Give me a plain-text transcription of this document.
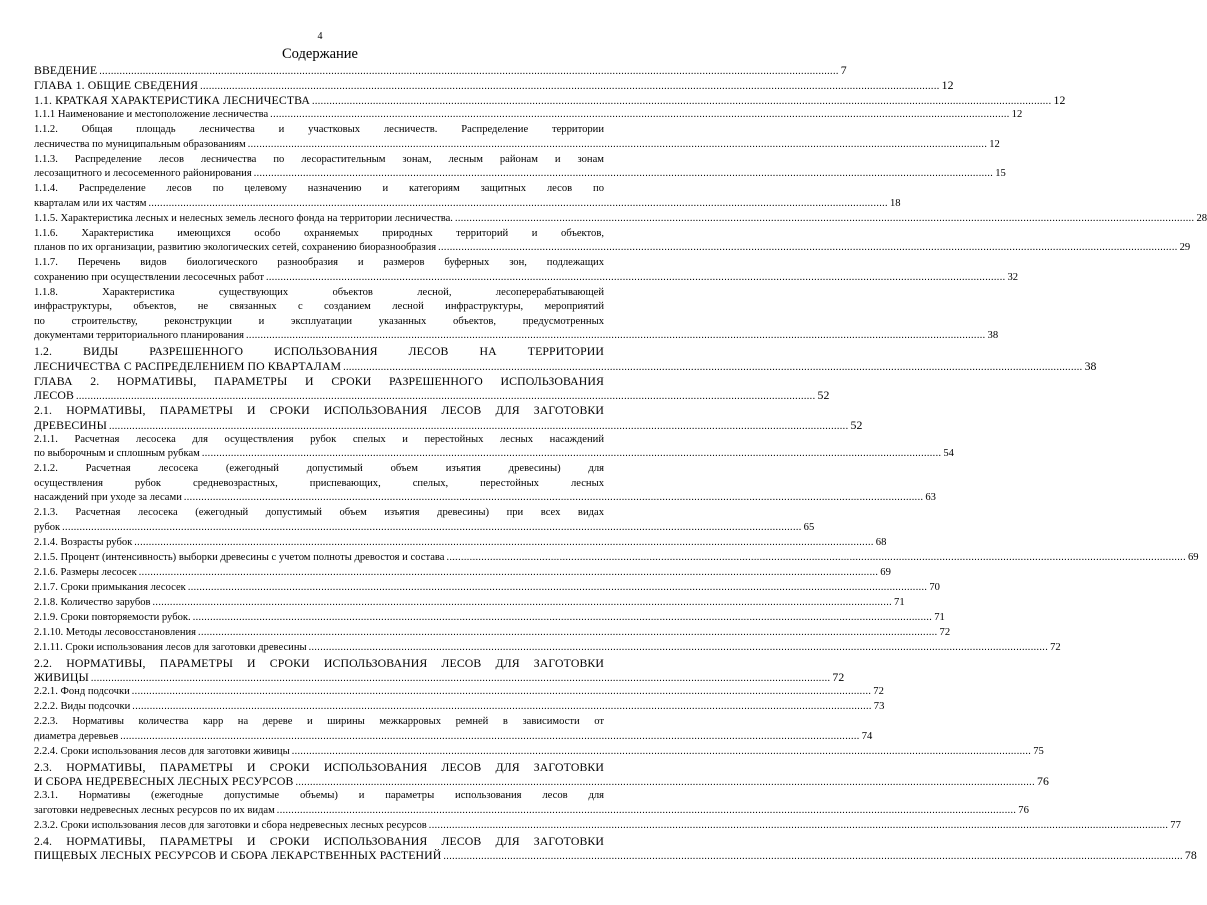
4
Содержание
ВВЕДЕНИЕ .....	7
ГЛАВА 1. ОБЩИЕ СВЕДЕНИЯ .....	12
1.1. КРАТКАЯ ХАРАКТЕРИСТИКА ЛЕСНИЧЕСТВА .....	12
1.1.1 Наименование и местоположение лесничества .....	12
1.1.2. Общая площадь лесничества и участковых лесничеств. Распределение территории
лесничества по муниципальным образованиям .....	12
1.1.3. Распределение лесов лесничества по лесорастительным зонам, лесным районам и зонам
лесозащитного и лесосеменного районирования .....	15
1.1.4. Распределение лесов по целевому назначению и категориям защитных лесов по
кварталам или их частям .....	18
1.1.5. Характеристика лесных и нелесных земель лесного фонда на территории лесничества. .....	28
1.1.6. Характеристика имеющихся особо охраняемых природных территорий и объектов,
планов по их организации, развитию экологических сетей, сохранению биоразнообразия .....	29
1.1.7. Перечень видов биологического разнообразия и размеров буферных зон, подлежащих
сохранению при осуществлении лесосечных работ .....	32
1.1.8. Характеристика существующих объектов лесной, лесоперерабатывающей
инфраструктуры, объектов, не связанных с созданием лесной инфраструктуры, мероприятий
по строительству, реконструкции и эксплуатации указанных объектов, предусмотренных
документами территориального планирования .....	38
1.2. ВИДЫ РАЗРЕШЕННОГО ИСПОЛЬЗОВАНИЯ ЛЕСОВ НА ТЕРРИТОРИИ
ЛЕСНИЧЕСТВА С РАСПРЕДЕЛЕНИЕМ ПО КВАРТАЛАМ .....	38
ГЛАВА 2. НОРМАТИВЫ, ПАРАМЕТРЫ И СРОКИ РАЗРЕШЕННОГО ИСПОЛЬЗОВАНИЯ
ЛЕСОВ .....	52
2.1. НОРМАТИВЫ, ПАРАМЕТРЫ И СРОКИ ИСПОЛЬЗОВАНИЯ ЛЕСОВ ДЛЯ ЗАГОТОВКИ
ДРЕВЕСИНЫ .....	52
2.1.1. Расчетная лесосека для осуществления рубок спелых и перестойных лесных насаждений
по выборочным и сплошным рубкам .....	54
2.1.2. Расчетная лесосека (ежегодный допустимый объем изъятия древесины) для
осуществления рубок средневозрастных, приспевающих, спелых, перестойных лесных
насаждений при уходе за лесами .....	63
2.1.3. Расчетная лесосека (ежегодный допустимый объем изъятия древесины) при всех видах
рубок .....	65
2.1.4. Возрасты рубок .....	68
2.1.5. Процент (интенсивность) выборки древесины с учетом полноты древостоя и состава .....	69
2.1.6. Размеры лесосек .....	69
2.1.7. Сроки примыкания лесосек .....	70
2.1.8. Количество зарубов .....	71
2.1.9. Сроки повторяемости рубок. .....	71
2.1.10. Методы лесовосстановления .....	72
2.1.11. Сроки использования лесов для заготовки древесины .....	72
2.2. НОРМАТИВЫ, ПАРАМЕТРЫ И СРОКИ ИСПОЛЬЗОВАНИЯ ЛЕСОВ ДЛЯ ЗАГОТОВКИ
ЖИВИЦЫ .....	72
2.2.1. Фонд подсочки .....	72
2.2.2. Виды подсочки .....	73
2.2.3. Нормативы количества карр на дереве и ширины межкарровых ремней в зависимости от
диаметра деревьев .....	74
2.2.4. Сроки использования лесов для заготовки живицы .....	75
2.3. НОРМАТИВЫ, ПАРАМЕТРЫ И СРОКИ ИСПОЛЬЗОВАНИЯ ЛЕСОВ ДЛЯ ЗАГОТОВКИ
И СБОРА НЕДРЕВЕСНЫХ ЛЕСНЫХ РЕСУРСОВ .....	76
2.3.1. Нормативы (ежегодные допустимые объемы) и параметры использования лесов для
заготовки недревесных лесных ресурсов по их видам .....	76
2.3.2. Сроки использования лесов для заготовки и сбора недревесных лесных ресурсов .....	77
2.4. НОРМАТИВЫ, ПАРАМЕТРЫ И СРОКИ ИСПОЛЬЗОВАНИЯ ЛЕСОВ ДЛЯ ЗАГОТОВКИ
ПИЩЕВЫХ ЛЕСНЫХ РЕСУРСОВ И СБОРА ЛЕКАРСТВЕННЫХ РАСТЕНИЙ .....	78
